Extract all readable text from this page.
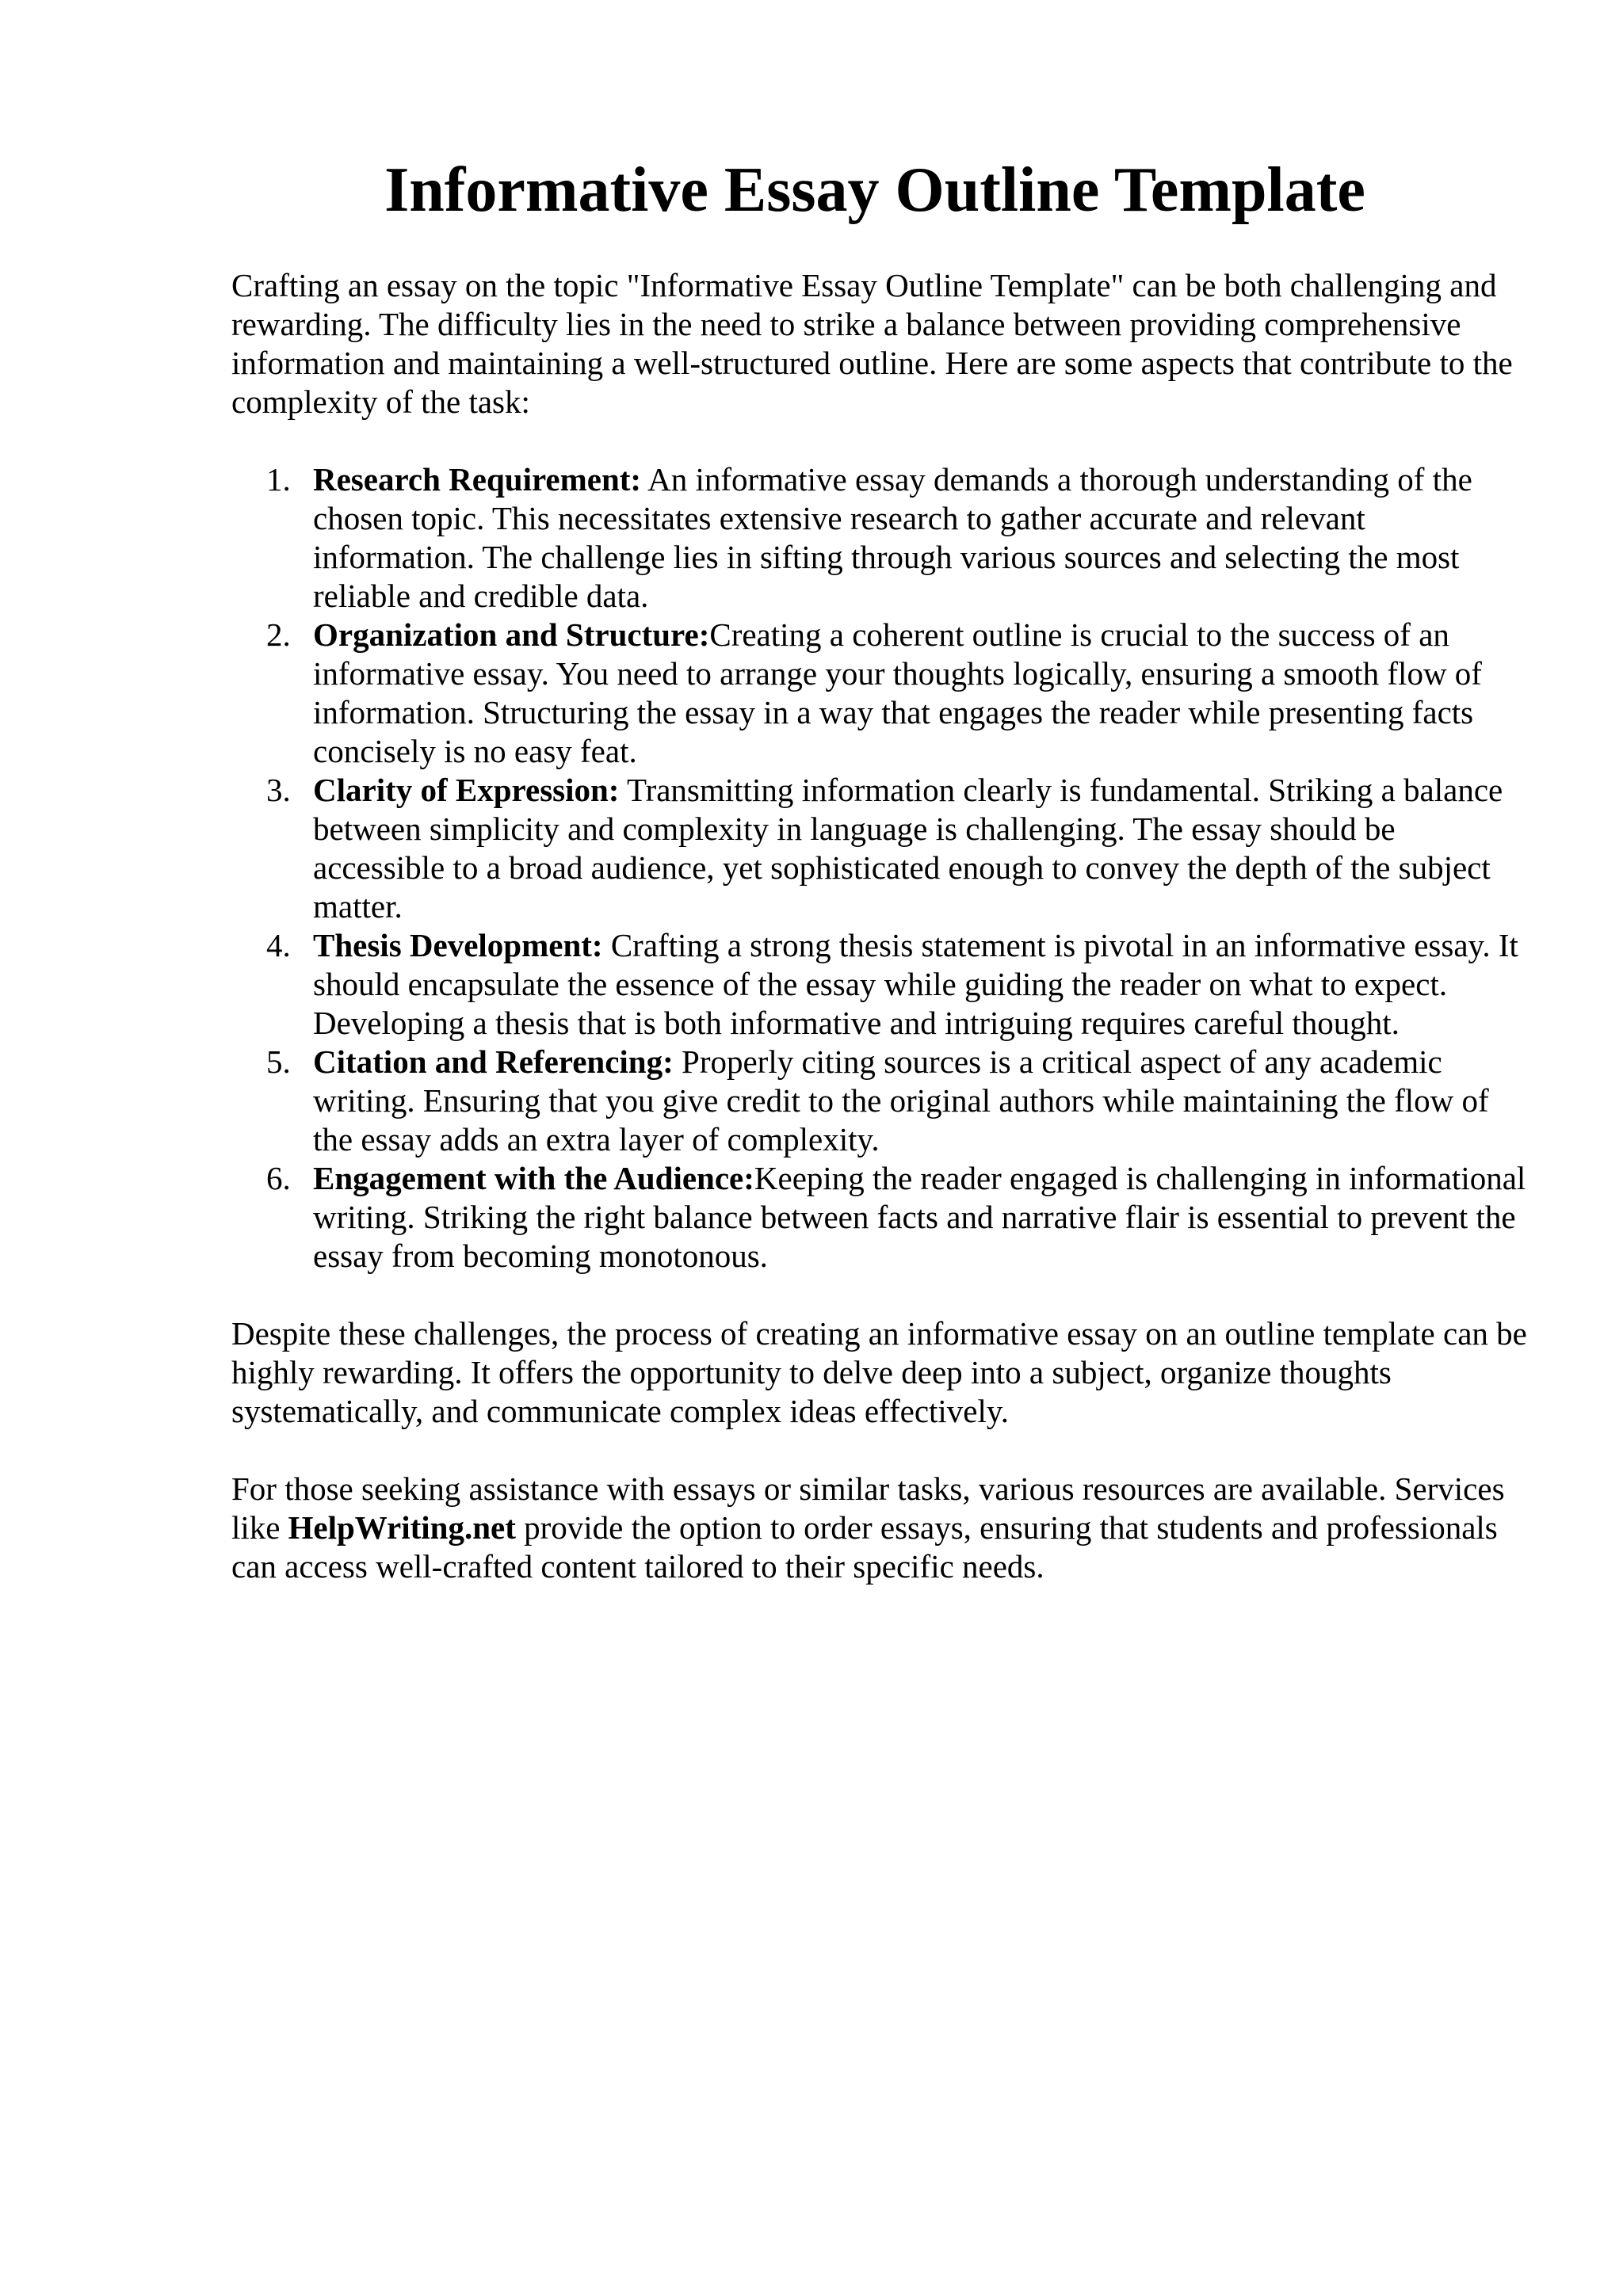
Informative Essay Outline Template

Crafting an essay on the topic "Informative Essay Outline Template" can be both challenging and rewarding. The difficulty lies in the need to strike a balance between providing comprehensive information and maintaining a well-structured outline. Here are some aspects that contribute to the complexity of the task:

1. Research Requirement: An informative essay demands a thorough understanding of the chosen topic. This necessitates extensive research to gather accurate and relevant information. The challenge lies in sifting through various sources and selecting the most reliable and credible data.
2. Organization and Structure:Creating a coherent outline is crucial to the success of an informative essay. You need to arrange your thoughts logically, ensuring a smooth flow of information. Structuring the essay in a way that engages the reader while presenting facts concisely is no easy feat.
3. Clarity of Expression: Transmitting information clearly is fundamental. Striking a balance between simplicity and complexity in language is challenging. The essay should be accessible to a broad audience, yet sophisticated enough to convey the depth of the subject matter.
4. Thesis Development: Crafting a strong thesis statement is pivotal in an informative essay. It should encapsulate the essence of the essay while guiding the reader on what to expect. Developing a thesis that is both informative and intriguing requires careful thought.
5. Citation and Referencing: Properly citing sources is a critical aspect of any academic writing. Ensuring that you give credit to the original authors while maintaining the flow of the essay adds an extra layer of complexity.
6. Engagement with the Audience:Keeping the reader engaged is challenging in informational writing. Striking the right balance between facts and narrative flair is essential to prevent the essay from becoming monotonous.

Despite these challenges, the process of creating an informative essay on an outline template can be highly rewarding. It offers the opportunity to delve deep into a subject, organize thoughts systematically, and communicate complex ideas effectively.

For those seeking assistance with essays or similar tasks, various resources are available. Services like HelpWriting.net provide the option to order essays, ensuring that students and professionals can access well-crafted content tailored to their specific needs.
